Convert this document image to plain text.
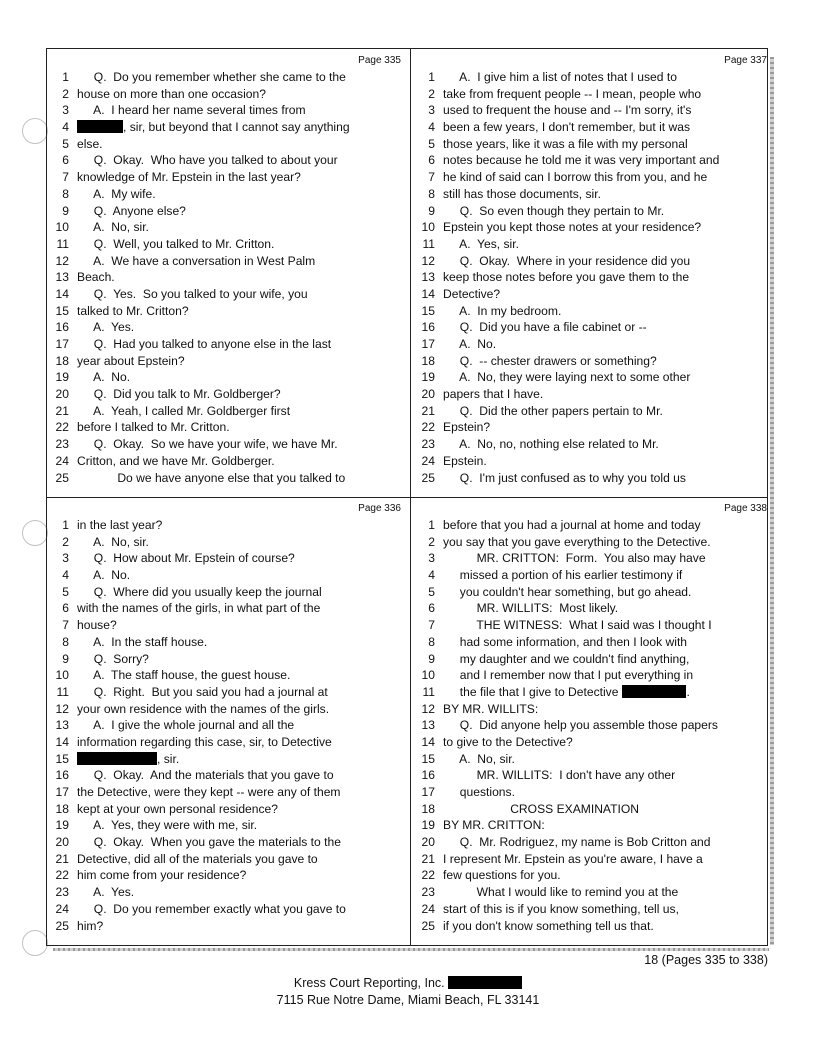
Page 335
1 Q.  Do you remember whether she came to the
2 house on more than one occasion?
3 A.  I heard her name several times from
4	, sir, but beyond that I cannot say anything
5 else.
6 Q.  Okay.  Who have you talked to about your
7 knowledge of Mr. Epstein in the last year?
8 A.  My wife.
9 Q.  Anyone else?
10 A.  No, sir.
11 Q.  Well, you talked to Mr. Critton.
12 A.  We have a conversation in West Palm
13 Beach.
14 Q.  Yes.  So you talked to your wife, you
15 talked to Mr. Critton?
16 A.  Yes.
17 Q.  Had you talked to anyone else in the last
18 year about Epstein?
19 A.  No.
20 Q.  Did you talk to Mr. Goldberger?
21 A.  Yeah, I called Mr. Goldberger first
22 before I talked to Mr. Critton.
23 Q.  Okay.  So we have your wife, we have Mr.
24 Critton, and we have Mr. Goldberger.
25 Do we have anyone else that you talked to
Page 337
1 A.  I give him a list of notes that I used to
2 take from frequent people -- I mean, people who
3 used to frequent the house and -- I'm sorry, it's
4 been a few years, I don't remember, but it was
5 those years, like it was a file with my personal
6 notes because he told me it was very important and
7 he kind of said can I borrow this from you, and he
8 still has those documents, sir.
9 Q.  So even though they pertain to Mr.
10 Epstein you kept those notes at your residence?
11 A.  Yes, sir.
12 Q.  Okay.  Where in your residence did you
13 keep those notes before you gave them to the
14 Detective?
15 A.  In my bedroom.
16 Q.  Did you have a file cabinet or --
17 A.  No.
18 Q.  -- chester drawers or something?
19 A.  No, they were laying next to some other
20 papers that I have.
21 Q.  Did the other papers pertain to Mr.
22 Epstein?
23 A.  No, no, nothing else related to Mr.
24 Epstein.
25 Q.  I'm just confused as to why you told us
Page 336
1 in the last year?
2 A.  No, sir.
3 Q.  How about Mr. Epstein of course?
4 A.  No.
5 Q.  Where did you usually keep the journal
6 with the names of the girls, in what part of the
7 house?
8 A.  In the staff house.
9 Q.  Sorry?
10 A.  The staff house, the guest house.
11 Q.  Right.  But you said you had a journal at
12 your own residence with the names of the girls.
13 A.  I give the whole journal and all the
14 information regarding this case, sir, to Detective
15	, sir.
16 Q.  Okay.  And the materials that you gave to
17 the Detective, were they kept -- were any of them
18 kept at your own personal residence?
19 A.  Yes, they were with me, sir.
20 Q.  Okay.  When you gave the materials to the
21 Detective, did all of the materials you gave to
22 him come from your residence?
23 A.  Yes.
24 Q.  Do you remember exactly what you gave to
25 him?
Page 338
1 before that you had a journal at home and today
2 you say that you gave everything to the Detective.
3 MR. CRITTON:  Form.  You also may have
4 missed a portion of his earlier testimony if
5 you couldn't hear something, but go ahead.
6 MR. WILLITS:  Most likely.
7 THE WITNESS:  What I said was I thought I
8 had some information, and then I look with
9 my daughter and we couldn't find anything,
10 and I remember now that I put everything in
11 the file that I give to Detective	.
12 BY MR. WILLITS:
13 Q.  Did anyone help you assemble those papers
14 to give to the Detective?
15 A.  No, sir.
16 MR. WILLITS:  I don't have any other
17 questions.
18 CROSS EXAMINATION
19 BY MR. CRITTON:
20 Q.  Mr. Rodriguez, my name is Bob Critton and
21 I represent Mr. Epstein as you're aware, I have a
22 few questions for you.
23 What I would like to remind you at the
24 start of this is if you know something, tell us,
25 if you don't know something tell us that.
18 (Pages 335 to 338)
Kress Court Reporting, Inc.
7115 Rue Notre Dame, Miami Beach, FL 33141
